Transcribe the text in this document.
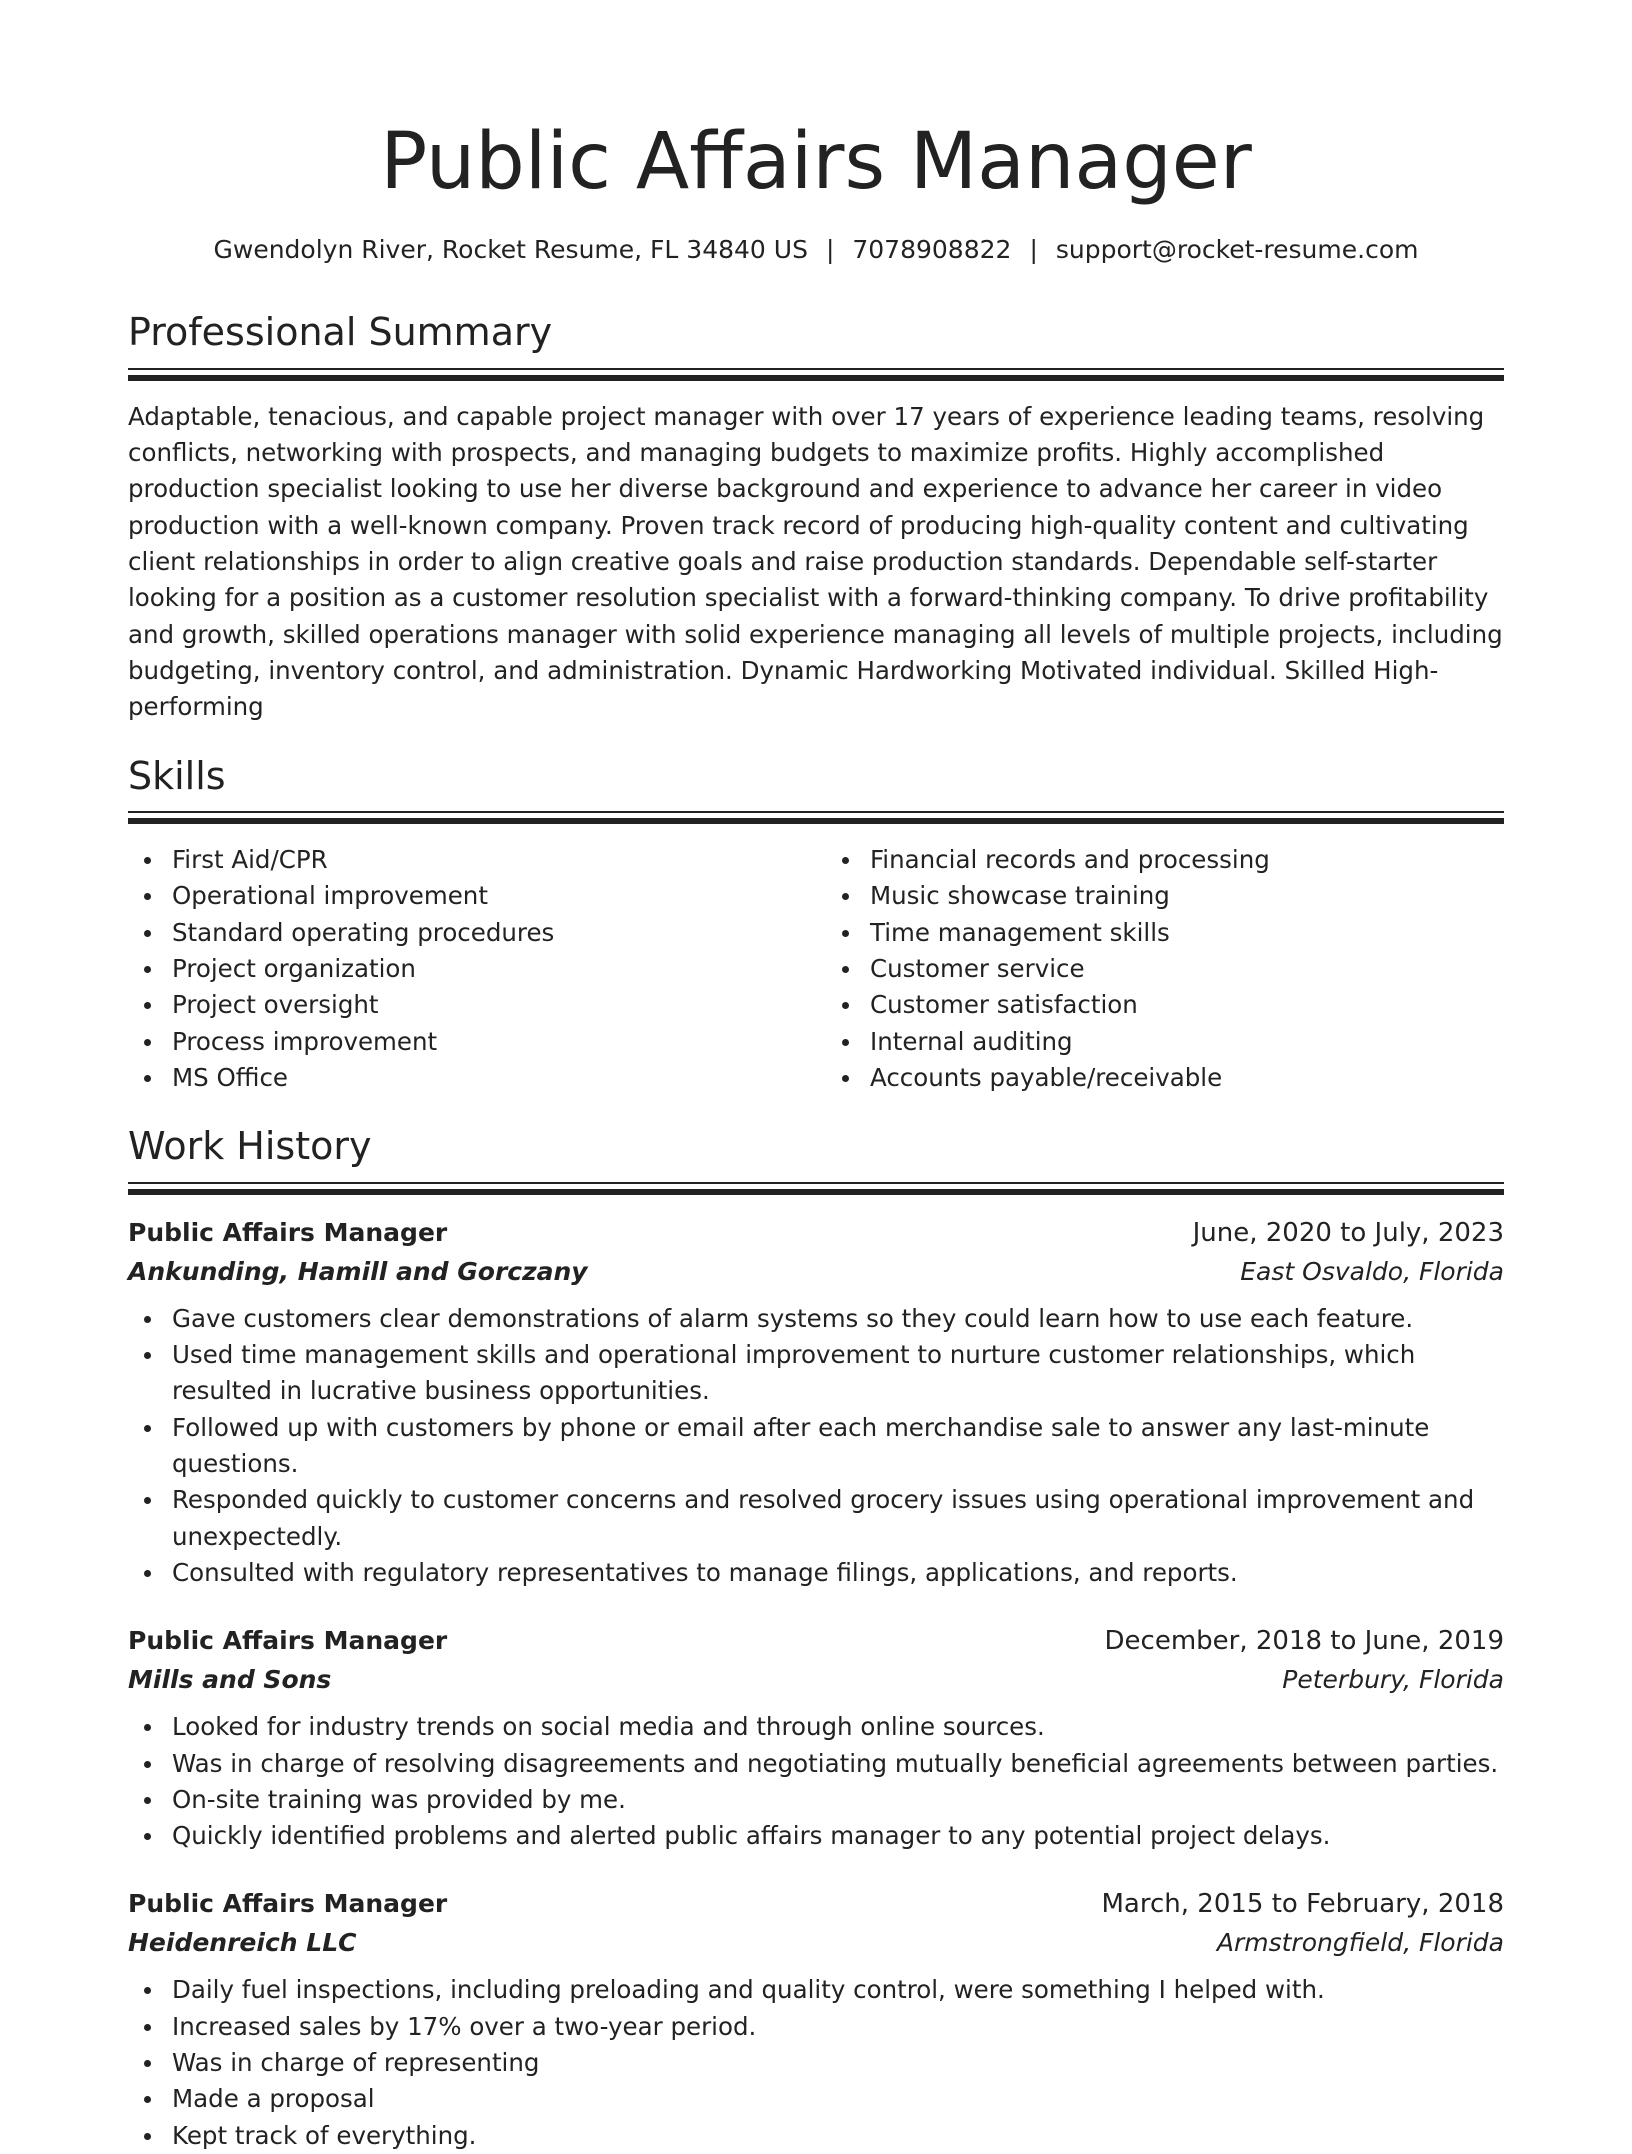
Public Affairs Manager
Gwendolyn River, Rocket Resume, FL 34840 US | 7078908822 | support@rocket-resume.com
Professional Summary

Adaptable, tenacious, and capable project manager with over 17 years of experience leading teams, resolving conflicts, networking with prospects, and managing budgets to maximize profits. Highly accomplished production specialist looking to use her diverse background and experience to advance her career in video production with a well-known company. Proven track record of producing high-quality content and cultivating client relationships in order to align creative goals and raise production standards. Dependable self-starter looking for a position as a customer resolution specialist with a forward-thinking company. To drive profitability and growth, skilled operations manager with solid experience managing all levels of multiple projects, including budgeting, inventory control, and administration. Dynamic Hardworking Motivated individual. Skilled High-performing

Skills
First Aid/CPR
Operational improvement
Standard operating procedures
Project organization
Project oversight
Process improvement
MS Office
Financial records and processing
Music showcase training
Time management skills
Customer service
Customer satisfaction
Internal auditing
Accounts payable/receivable
Work History
Public Affairs Manager	June, 2020 to July, 2023
Ankunding, Hamill and Gorczany	East Osvaldo, Florida
Gave customers clear demonstrations of alarm systems so they could learn how to use each feature.
Used time management skills and operational improvement to nurture customer relationships, which resulted in lucrative business opportunities.
Followed up with customers by phone or email after each merchandise sale to answer any last-minute questions.
Responded quickly to customer concerns and resolved grocery issues using operational improvement and unexpectedly.
Consulted with regulatory representatives to manage filings, applications, and reports.
Public Affairs Manager	December, 2018 to June, 2019
Mills and Sons	Peterbury, Florida
Looked for industry trends on social media and through online sources.
Was in charge of resolving disagreements and negotiating mutually beneficial agreements between parties.
On-site training was provided by me.
Quickly identified problems and alerted public affairs manager to any potential project delays.
Public Affairs Manager	March, 2015 to February, 2018
Heidenreich LLC	Armstrongfield, Florida
Daily fuel inspections, including preloading and quality control, were something I helped with.
Increased sales by 17% over a two-year period.
Was in charge of representing
Made a proposal
Kept track of everything.
